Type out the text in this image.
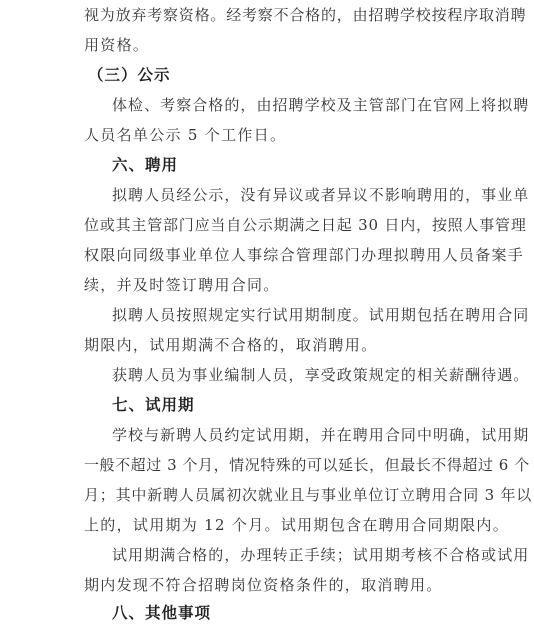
视为放弃考察资格。经考察不合格的，由招聘学校按程序取消聘
用资格。
（三）公示
体检、考察合格的，由招聘学校及主管部门在官网上将拟聘
人员名单公示 5 个工作日。
六、聘用
拟聘人员经公示，没有异议或者异议不影响聘用的，事业单
位或其主管部门应当自公示期满之日起 30 日内，按照人事管理
权限向同级事业单位人事综合管理部门办理拟聘用人员备案手
续，并及时签订聘用合同。
拟聘人员按照规定实行试用期制度。试用期包括在聘用合同
期限内，试用期满不合格的，取消聘用。
获聘人员为事业编制人员，享受政策规定的相关薪酬待遇。
七、试用期
学校与新聘人员约定试用期，并在聘用合同中明确，试用期
一般不超过 3 个月，情况特殊的可以延长，但最长不得超过 6 个
月；其中新聘人员属初次就业且与事业单位订立聘用合同 3 年以
上的，试用期为 12 个月。试用期包含在聘用合同期限内。
试用期满合格的，办理转正手续；试用期考核不合格或试用
期内发现不符合招聘岗位资格条件的，取消聘用。
八、其他事项
